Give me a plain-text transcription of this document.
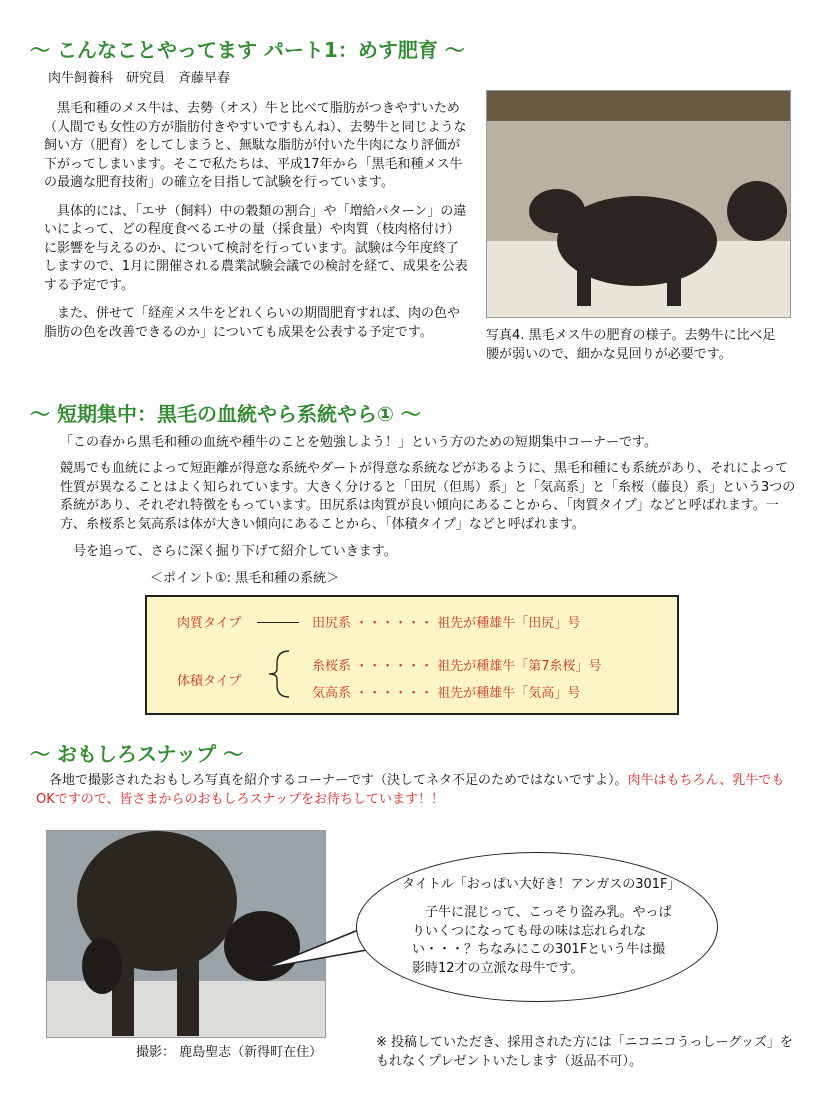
～ こんなことやってます パート1：めす肥育 ～
肉牛飼養科　研究員　斉藤早春

黒毛和種のメス牛は、去勢（オス）牛と比べて脂肪がつきやすいため（人間でも女性の方が脂肪付きやすいですもんね）、去勢牛と同じような飼い方（肥育）をしてしまうと、無駄な脂肪が付いた牛肉になり評価が下がってしまいます。そこで私たちは、平成17年から「黒毛和種メス牛の最適な肥育技術」の確立を目指して試験を行っています。

具体的には、「エサ（飼料）中の穀類の割合」や「増給パターン」の違いによって、どの程度食べるエサの量（採食量）や肉質（枝肉格付け）に影響を与えるのか、について検討を行っています。試験は今年度終了しますので、1月に開催される農業試験会議での検討を経て、成果を公表する予定です。

また、併せて「経産メス牛をどれくらいの期間肥育すれば、肉の色や脂肪の色を改善できるのか」についても成果を公表する予定です。	写真4. 黒毛メス牛の肥育の様子。去勢牛に比べ足腰が弱いので、細かな見回りが必要です。
～ 短期集中：黒毛の血統やら系統やら① ～
「この春から黒毛和種の血統や種牛のことを勉強しよう！」という方のための短期集中コーナーです。
競馬でも血統によって短距離が得意な系統やダートが得意な系統などがあるように、黒毛和種にも系統があり、それによって性質が異なることはよく知られています。大きく分けると「田尻（但馬）系」と「気高系」と「糸桜（藤良）系」という3つの系統があり、それぞれ特徴をもっています。田尻系は肉質が良い傾向にあることから、「肉質タイプ」などと呼ばれます。一方、糸桜系と気高系は体が大きい傾向にあることから、「体積タイプ」などと呼ばれます。
号を追って、さらに深く掘り下げて紹介していきます。
＜ポイント①: 黒毛和種の系統＞
肉質タイプ	田尻系 ・・・・・・ 祖先が種雄牛「田尻」号
体積タイプ
糸桜系 ・・・・・・ 祖先が種雄牛「第7糸桜」号
気高系 ・・・・・・ 祖先が種雄牛「気高」号
～ おもしろスナップ ～
各地で撮影されたおもしろ写真を紹介するコーナーです（決してネタ不足のためではないですよ）。肉牛はもちろん、乳牛でもOKですので、皆さまからのおもしろスナップをお待ちしています！！
撮影： 鹿島聖志（新得町在住）
タイトル「おっぱい大好き！アンガスの301F」
子牛に混じって、こっそり盗み乳。やっぱりいくつになっても母の味は忘れられない・・・？ちなみにこの301Fという牛は撮影時12才の立派な母牛です。
※ 投稿していただき、採用された方には「ニコニコうっしーグッズ」をもれなくプレゼントいたします（返品不可）。
